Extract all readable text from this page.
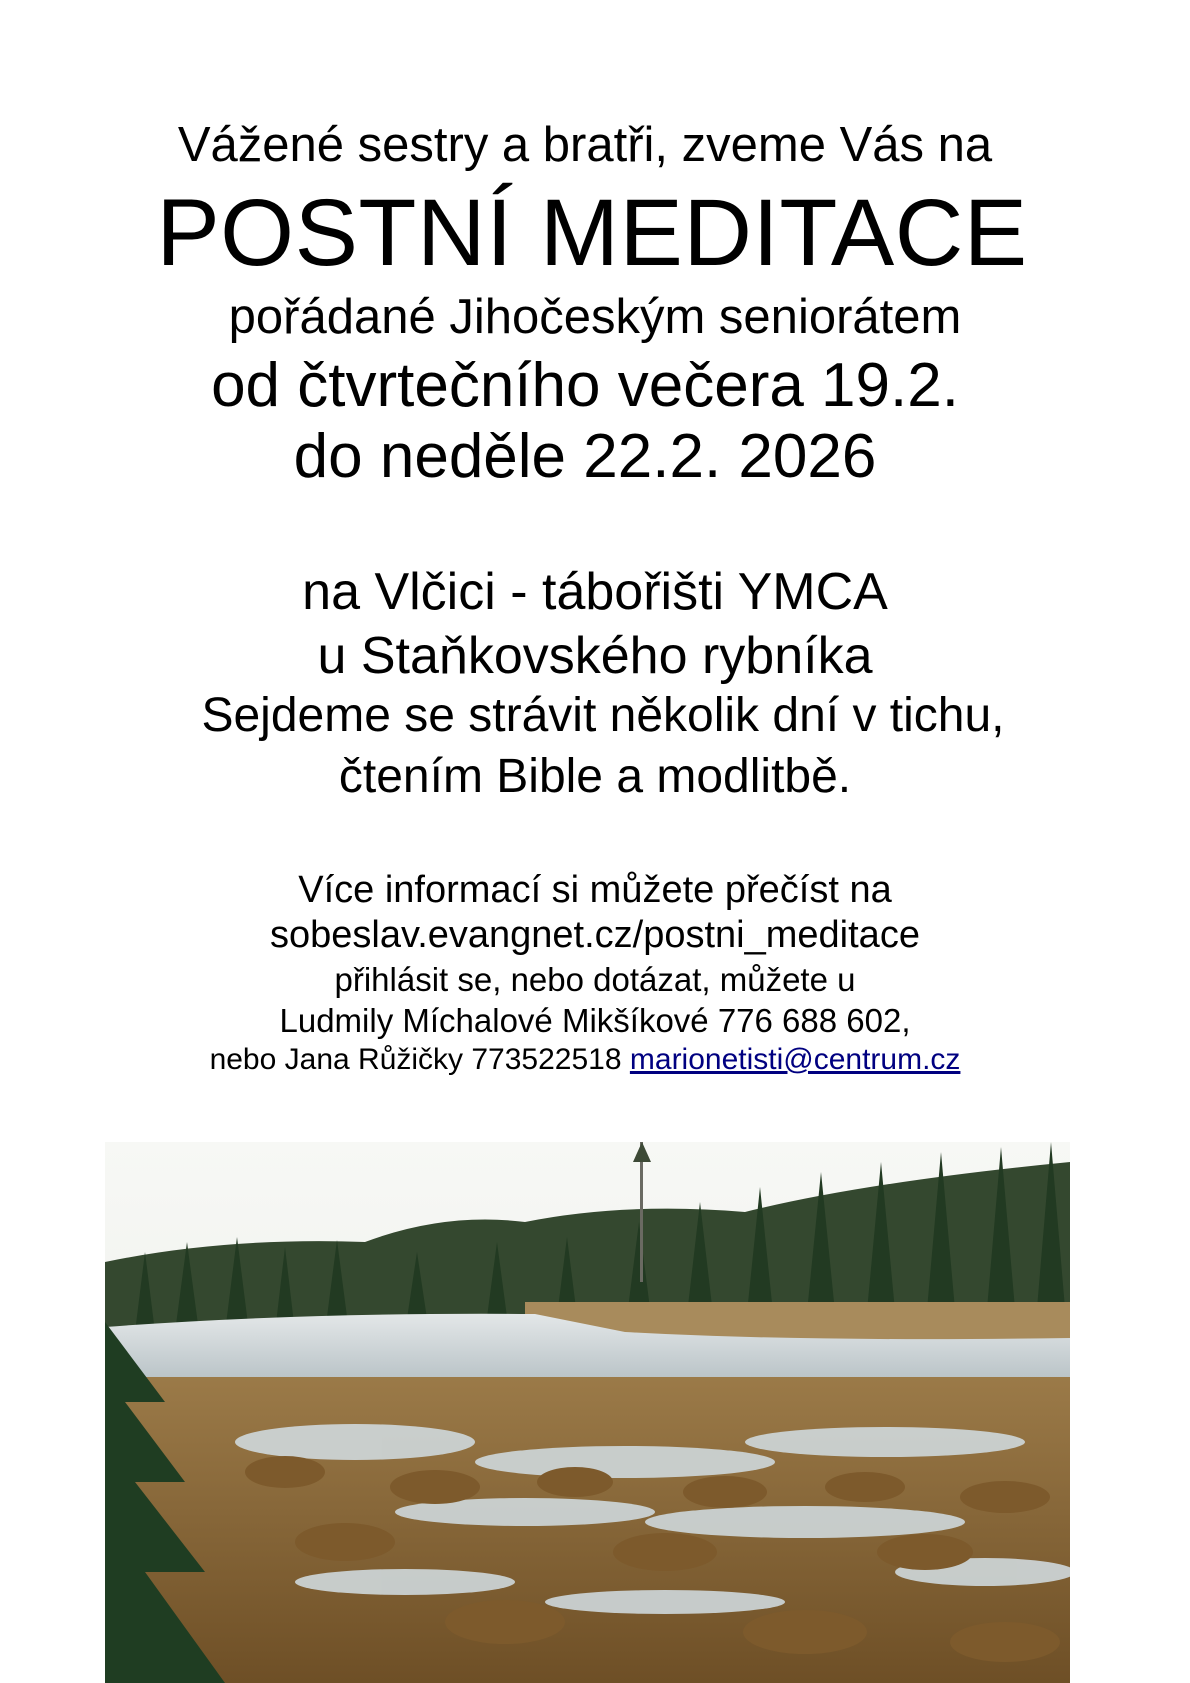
Vážené sestry a bratři, zveme Vás na
POSTNÍ MEDITACE
pořádané Jihočeským seniorátem
od čtvrtečního večera 19.2.
do neděle 22.2. 2026
na Vlčici - tábořišti YMCA
u Staňkovského rybníka
Sejdeme se strávit několik dní v tichu,
čtením Bible a modlitbě.
Více informací si můžete přečíst na
sobeslav.evangnet.cz/postni_meditace
přihlásit se, nebo dotázat, můžete u
Ludmily Míchalové Mikšíkové 776 688 602,
nebo Jana Růžičky 773522518 marionetisti@centrum.cz
